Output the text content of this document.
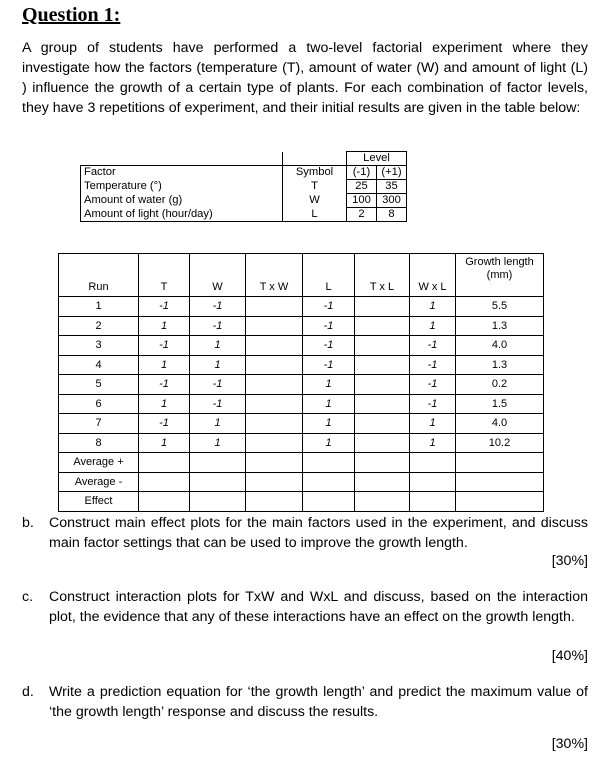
Question 1:
A group of students have performed a two-level factorial experiment where they investigate how the factors (temperature (T), amount of water (W) and amount of light (L) ) influence the growth of a certain type of plants. For each combination of factor levels, they have 3 repetitions of experiment, and their initial results are given in the table below:
		Level	
Factor	Symbol	(-1)	(+1)
Temperature (°)	T	25	35
Amount of water (g)	W	100	300
Amount of light (hour/day)	L	2	8
Run	T	W	T x W	L	T x L	W x L	Growth length (mm)
1	-1	-1		-1		1	5.5
2	1	-1		-1		1	1.3
3	-1	1		-1		-1	4.0
4	1	1		-1		-1	1.3
5	-1	-1		1		-1	0.2
6	1	-1		1		-1	1.5
7	-1	1		1		1	4.0
8	1	1		1		1	10.2
Average +							
Average -							
Effect							
b. Construct main effect plots for the main factors used in the experiment, and discuss main factor settings that can be used to improve the growth length.
[30%]
c. Construct interaction plots for TxW and WxL and discuss, based on the interaction plot, the evidence that any of these interactions have an effect on the growth length.
[40%]
d. Write a prediction equation for ‘the growth length’ and predict the maximum value of ‘the growth length’ response and discuss the results.
[30%]
